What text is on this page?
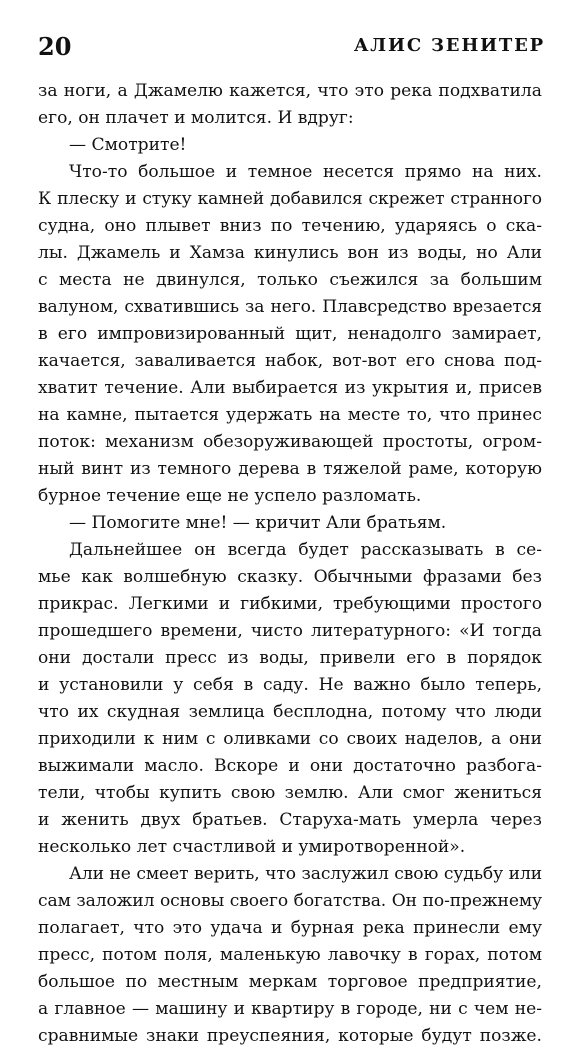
20	АЛИС ЗЕНИТЕР
за ноги, а Джамелю кажется, что это река подхватила
его, он плачет и молится. И вдруг:
— Смотрите!
Что-то большое и темное несется прямо на них.
К плеску и стуку камней добавился скрежет странного
судна, оно плывет вниз по течению, ударяясь о ска-
лы. Джамель и Хамза кинулись вон из воды, но Али
с места не двинулся, только съежился за большим
валуном, схватившись за него. Плавсредство врезается
в его импровизированный щит, ненадолго замирает,
качается, заваливается набок, вот-вот его снова под-
хватит течение. Али выбирается из укрытия и, присев
на камне, пытается удержать на месте то, что принес
поток: механизм обезоруживающей простоты, огром-
ный винт из темного дерева в тяжелой раме, которую
бурное течение еще не успело разломать.
— Помогите мне! — кричит Али братьям.
Дальнейшее он всегда будет рассказывать в се-
мье как волшебную сказку. Обычными фразами без
прикрас. Легкими и гибкими, требующими простого
прошедшего времени, чисто литературного: «И тогда
они достали пресс из воды, привели его в порядок
и установили у себя в саду. Не важно было теперь,
что их скудная землица бесплодна, потому что люди
приходили к ним с оливками со своих наделов, а они
выжимали масло. Вскоре и они достаточно разбога-
тели, чтобы купить свою землю. Али смог жениться
и женить двух братьев. Старуха-мать умерла через
несколько лет счастливой и умиротворенной».
Али не смеет верить, что заслужил свою судьбу или
сам заложил основы своего богатства. Он по-прежнему
полагает, что это удача и бурная река принесли ему
пресс, потом поля, маленькую лавочку в горах, потом
большое по местным меркам торговое предприятие,
а главное — машину и квартиру в городе, ни с чем не-
сравнимые знаки преуспеяния, которые будут позже.
